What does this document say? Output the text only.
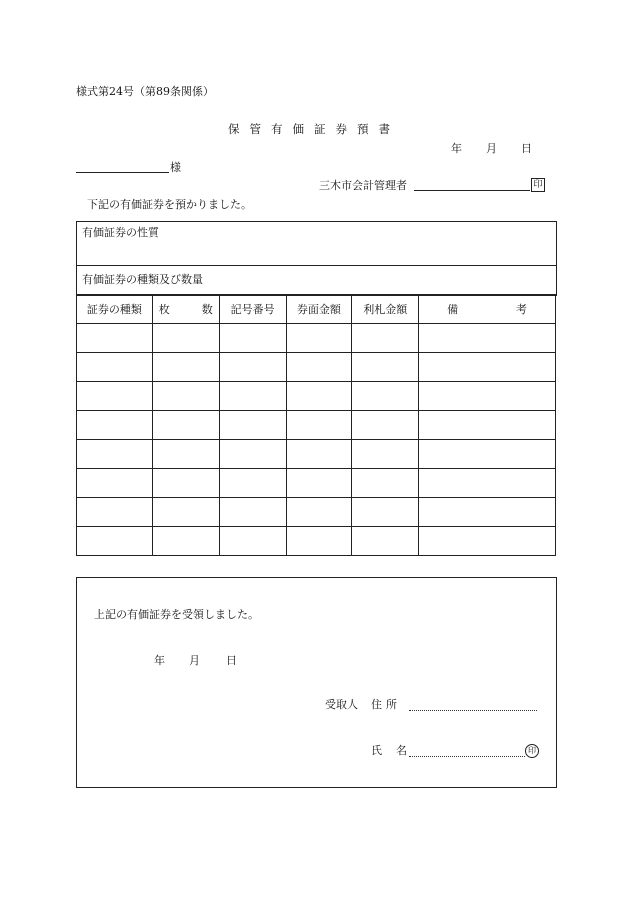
様式第24号（第89条関係）
保管有価証券預書
年 月 日
様
三木市会計管理者	印
下記の有価証券を預かりました。
有価証券の性質
有価証券の種類及び数量
証券の種類	枚 数	記号番号	券面金額	利札金額	備 考

上記の有価証券を受領しました。
年 月 日
受取人 住所
氏名	印
